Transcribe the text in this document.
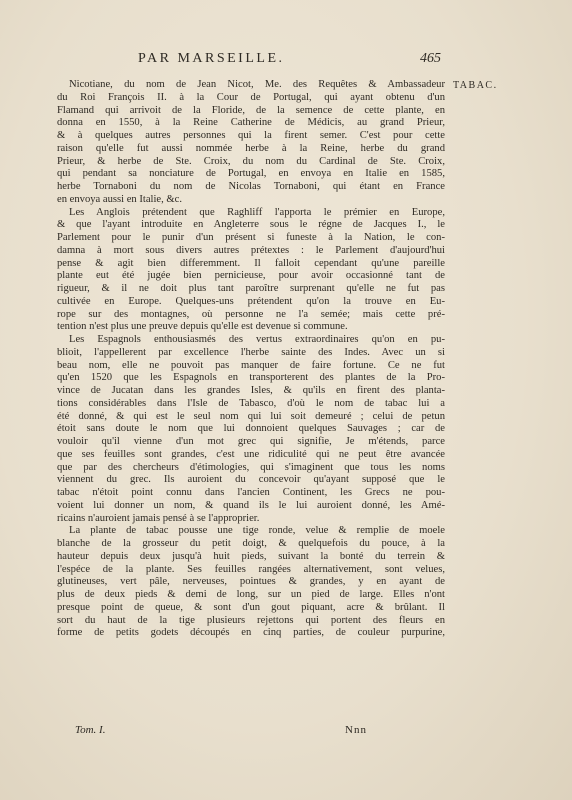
PAR MARSEILLE.	465
TABAC.
Nicotiane, du nom de Jean Nicot, Me. des Requêtes & Ambassadeur
du Roi François II. à la Cour de Portugal, qui ayant obtenu d'un
Flamand qui arrivoit de la Floride, de la semence de cette plante, en
donna en 1550, à la Reine Catherine de Médicis, au grand Prieur,
& à quelques autres personnes qui la firent semer. C'est pour cette
raison qu'elle fut aussi nommée herbe à la Reine, herbe du grand
Prieur, & herbe de Ste. Croix, du nom du Cardinal de Ste. Croix,
qui pendant sa nonciature de Portugal, en envoya en Italie en 1585,
herbe Tornaboni du nom de Nicolas Tornaboni, qui étant en France
en envoya aussi en Italie, &c.
Les Anglois prétendent que Raghliff l'apporta le prémier en Europe,
& que l'ayant introduite en Angleterre sous le régne de Jacques I., le
Parlement pour le punir d'un présent si funeste à la Nation, le con-
damna à mort sous divers autres prétextes : le Parlement d'aujourd'hui
pense & agit bien differemment. Il falloit cependant qu'une pareille
plante eut été jugée bien pernicieuse, pour avoir occasionné tant de
rigueur, & il ne doit plus tant paroître surprenant qu'elle ne fut pas
cultivée en Europe. Quelques-uns prétendent qu'on la trouve en Eu-
rope sur des montagnes, où personne ne l'a semée; mais cette pré-
tention n'est plus une preuve depuis qu'elle est devenue si commune.
Les Espagnols enthousiasmés des vertus extraordinaires qu'on en pu-
blioit, l'appellerent par excellence l'herbe sainte des Indes. Avec un si
beau nom, elle ne pouvoit pas manquer de faire fortune. Ce ne fut
qu'en 1520 que les Espagnols en transporterent des plantes de la Pro-
vince de Jucatan dans les grandes Isles, & qu'ils en firent des planta-
tions considérables dans l'Isle de Tabasco, d'où le nom de tabac lui a
été donné, & qui est le seul nom qui lui soit demeuré ; celui de petun
étoit sans doute le nom que lui donnoient quelques Sauvages ; car de
vouloir qu'il vienne d'un mot grec qui signifie, Je m'étends, parce
que ses feuilles sont grandes, c'est une ridiculité qui ne peut être avancée
que par des chercheurs d'étimologies, qui s'imaginent que tous les noms
viennent du grec. Ils auroient du concevoir qu'ayant supposé que le
tabac n'étoit point connu dans l'ancien Continent, les Grecs ne pou-
voient lui donner un nom, & quand ils le lui auroient donné, les Amé-
ricains n'auroient jamais pensé à se l'approprier.
La plante de tabac pousse une tige ronde, velue & remplie de moele
blanche de la grosseur du petit doigt, & quelquefois du pouce, à la
hauteur depuis deux jusqu'à huit pieds, suivant la bonté du terrein &
l'espéce de la plante. Ses feuilles rangées alternativement, sont velues,
glutineuses, vert pâle, nerveuses, pointues & grandes, y en ayant de
plus de deux pieds & demi de long, sur un pied de large. Elles n'ont
presque point de queue, & sont d'un gout piquant, acre & brûlant. Il
sort du haut de la tige plusieurs rejettons qui portent des fleurs en
forme de petits godets découpés en cinq parties, de couleur purpurine,
Tom. I.	Nnn
